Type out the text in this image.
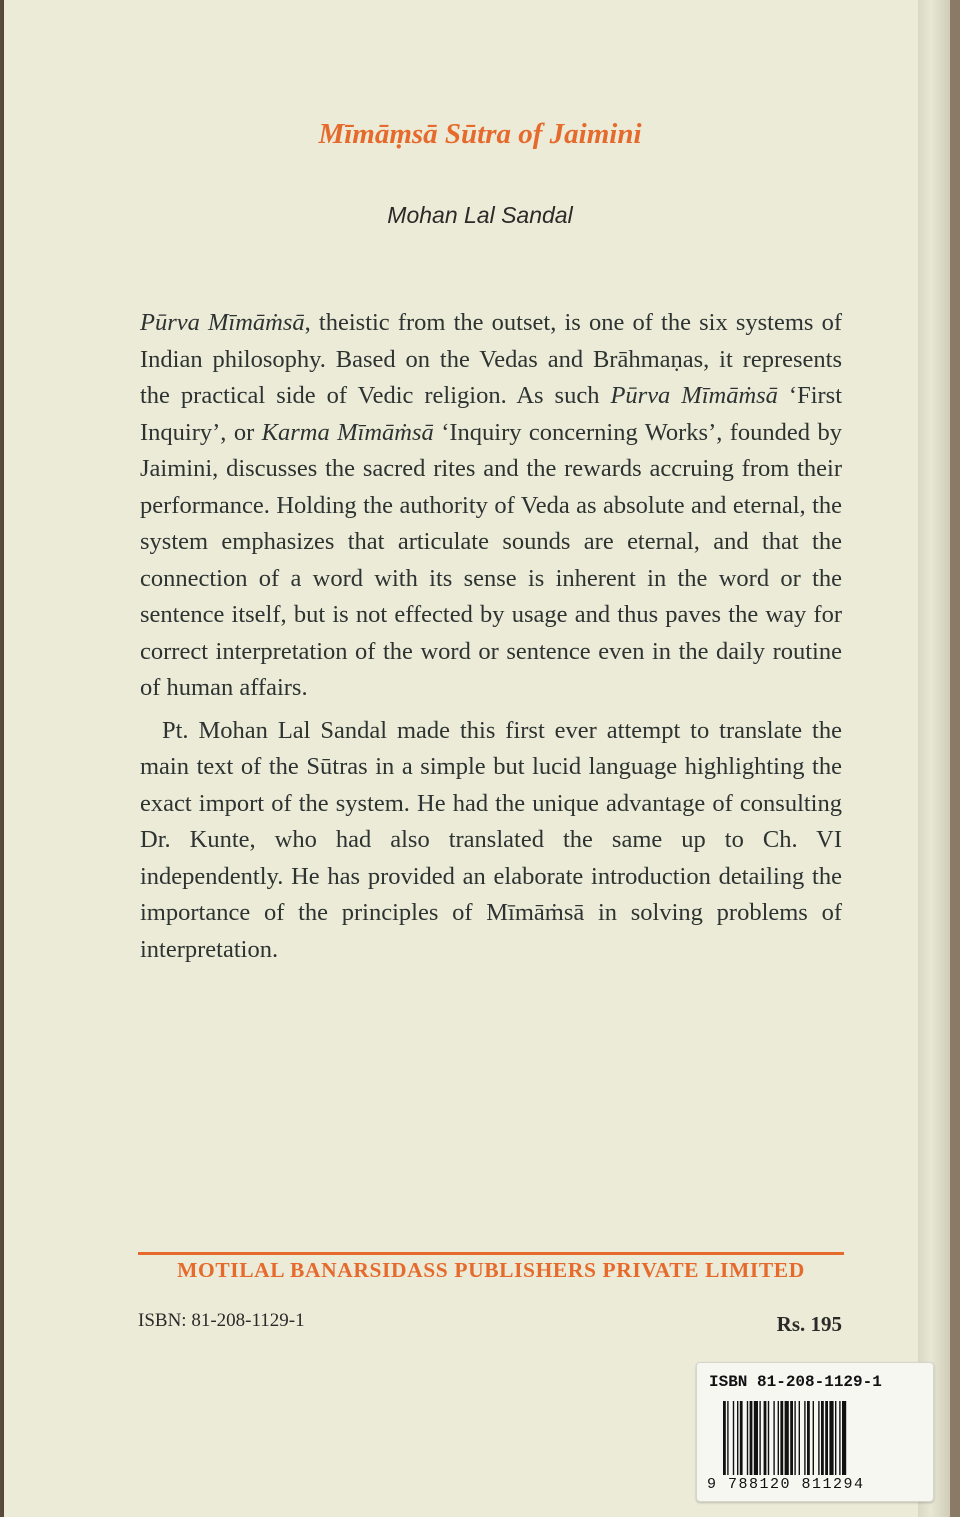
Mīmāṃsā Sūtra of Jaimini

Mohan Lal Sandal

Pūrva Mīmāṁsā, theistic from the outset, is one of the six systems of Indian philosophy. Based on the Vedas and Brāhmaṇas, it represents the practical side of Vedic religion. As such Pūrva Mīmāṁsā ‘First Inquiry’, or Karma Mīmāṁsā ‘Inquiry concerning Works’, founded by Jaimini, discusses the sacred rites and the rewards accruing from their performance. Holding the authority of Veda as absolute and eternal, the system emphasizes that articulate sounds are eternal, and that the connection of a word with its sense is inherent in the word or the sentence itself, but is not effected by usage and thus paves the way for correct interpretation of the word or sentence even in the daily routine of human affairs.

Pt. Mohan Lal Sandal made this first ever attempt to translate the main text of the Sūtras in a simple but lucid language highlighting the exact import of the system. He had the unique advantage of consulting Dr. Kunte, who had also translated the same up to Ch. VI independently. He has provided an elaborate introduction detailing the importance of the principles of Mīmāṁsā in solving problems of interpretation.

MOTILAL BANARSIDASS PUBLISHERS PRIVATE LIMITED

ISBN: 81-208-1129-1	Rs. 195

ISBN 81-208-1129-1

9 788120 811294
